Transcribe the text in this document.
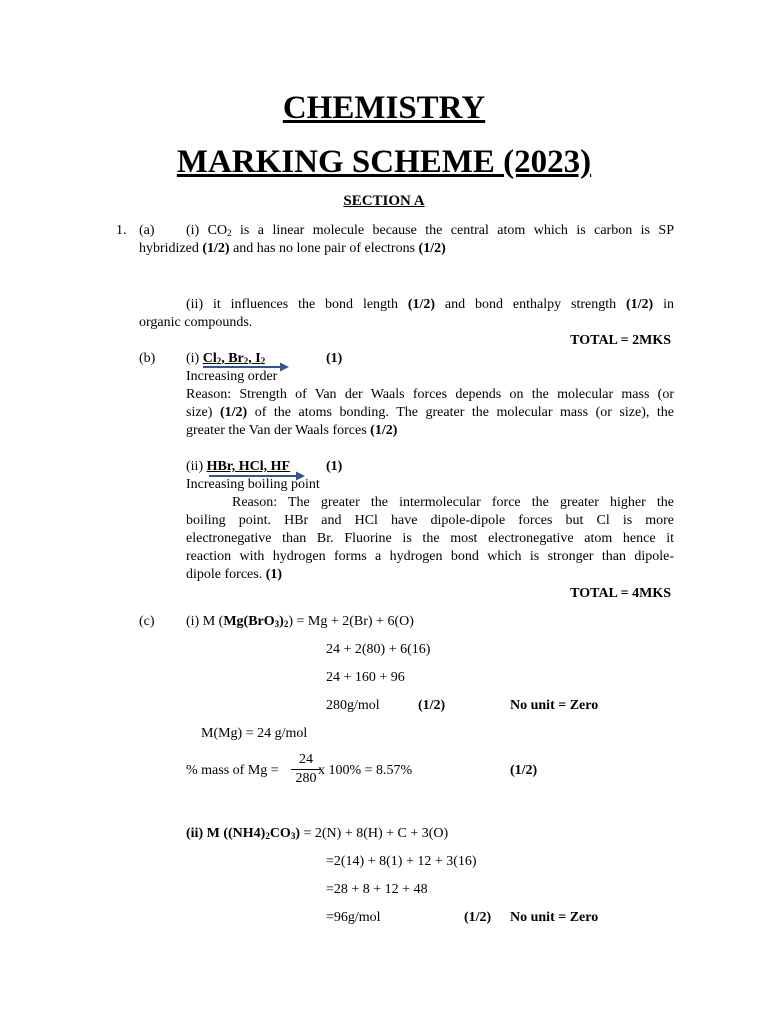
CHEMISTRY
MARKING SCHEME (2023)
SECTION A
1. (a) (i) $CO_2$ is a linear molecule because the central atom which is carbon is SP
hybridized (1/2) and has no lone pair of electrons (1/2)
(ii) it influences the bond length (1/2) and bond enthalpy strength (1/2) in
organic compounds.
TOTAL = 2MKS
(b) (i) $Cl_2$, $Br_2$, $I_2$	(1)
Increasing order
Reason: Strength of Van der Waals forces depends on the molecular mass (or
size) (1/2) of the atoms bonding. The greater the molecular mass (or size), the
greater the Van der Waals forces (1/2)
(ii) HBr, HCl, HF	(1)
Increasing boiling point
Reason: The greater the intermolecular force the greater higher the
boiling point. HBr and HCl have dipole-dipole forces but Cl is more
electronegative than Br. Fluorine is the most electronegative atom hence it
reaction with hydrogen forms a hydrogen bond which is stronger than dipole-
dipole forces. (1)
TOTAL = 4MKS
(c) (i) M $(Mg(BrO_3)_2) = Mg + 2(Br) + 6(O)$
24 + 2(80) + 6(16)
24 + 160 + 96
280g/mol	(1/2)	No unit = Zero
M(Mg) = 24 g/mol
% mass of Mg =
24
280
x 100% = 8.57%	(1/2)
(ii) M $((NH4)_2CO_3) = 2(N) + 8(H) + C + 3(O)$
=2(14) + 8(1) + 12 + 3(16)
=28 + 8 + 12 + 48
=96g/mol	(1/2) No unit = Zero
